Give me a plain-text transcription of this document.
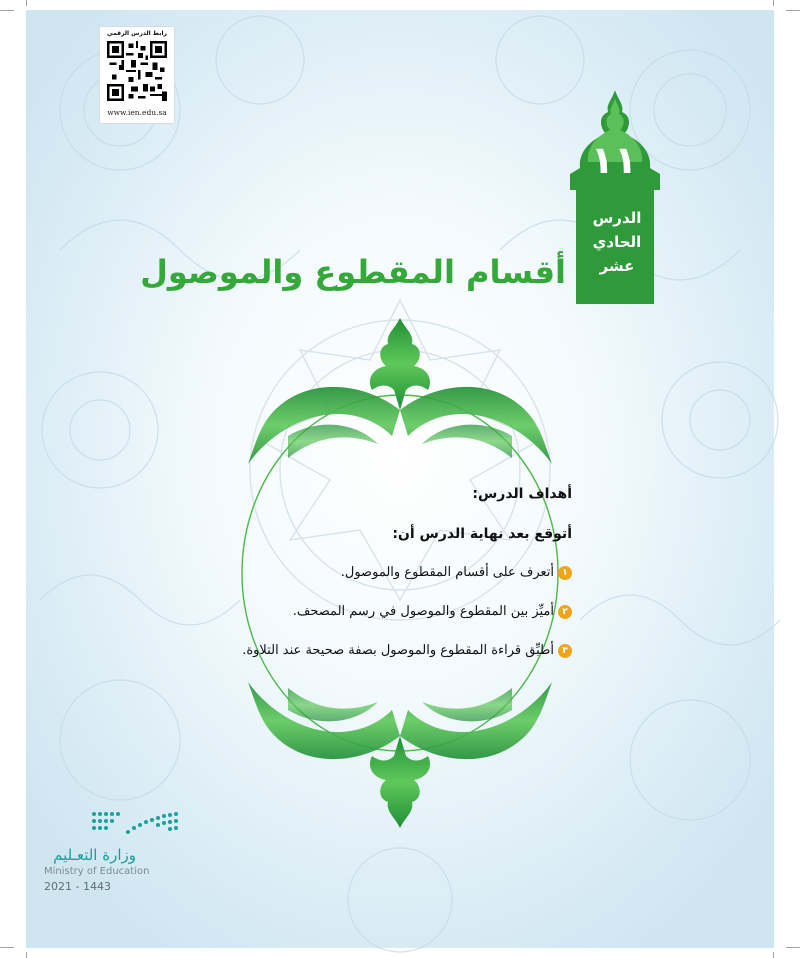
رابط الدرس الرقمي
www.ien.edu.sa
١١
الدرس
الحادي
عشر
أقسام المقطوع والموصول
أهداف الدرس:
أتوقع بعد نهاية الدرس أن:
١أتعرف على أقسام المقطوع والموصول.
٢أميِّز بين المقطوع والموصول في رسم المصحف.
٣أطبِّق قراءة المقطوع والموصول بصفة صحيحة عند التلاوة.
وزارة التعـليم
Ministry of Education
2021 - 1443
